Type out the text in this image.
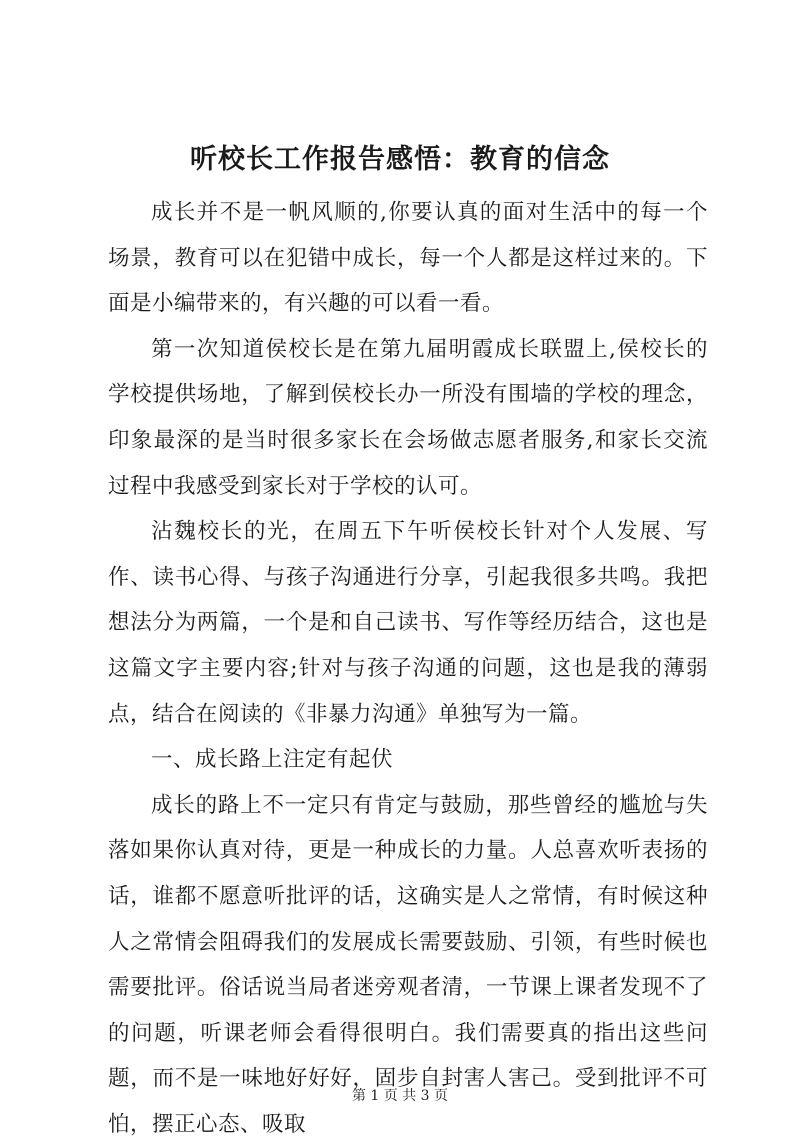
听校长工作报告感悟：教育的信念

成长并不是一帆风顺的,你要认真的面对生活中的每一个场景，教育可以在犯错中成长，每一个人都是这样过来的。下面是小编带来的，有兴趣的可以看一看。

第一次知道侯校长是在第九届明霞成长联盟上,侯校长的学校提供场地，了解到侯校长办一所没有围墙的学校的理念，印象最深的是当时很多家长在会场做志愿者服务,和家长交流过程中我感受到家长对于学校的认可。

沾魏校长的光，在周五下午听侯校长针对个人发展、写作、读书心得、与孩子沟通进行分享，引起我很多共鸣。我把想法分为两篇，一个是和自己读书、写作等经历结合，这也是这篇文字主要内容;针对与孩子沟通的问题，这也是我的薄弱点，结合在阅读的《非暴力沟通》单独写为一篇。

一、成长路上注定有起伏

成长的路上不一定只有肯定与鼓励，那些曾经的尴尬与失落如果你认真对待，更是一种成长的力量。人总喜欢听表扬的话，谁都不愿意听批评的话，这确实是人之常情，有时候这种人之常情会阻碍我们的发展成长需要鼓励、引领，有些时候也需要批评。俗话说当局者迷旁观者清，一节课上课者发现不了的问题，听课老师会看得很明白。我们需要真的指出这些问题，而不是一味地好好好，固步自封害人害己。受到批评不可怕，摆正心态、吸取

第 1 页 共 3 页
